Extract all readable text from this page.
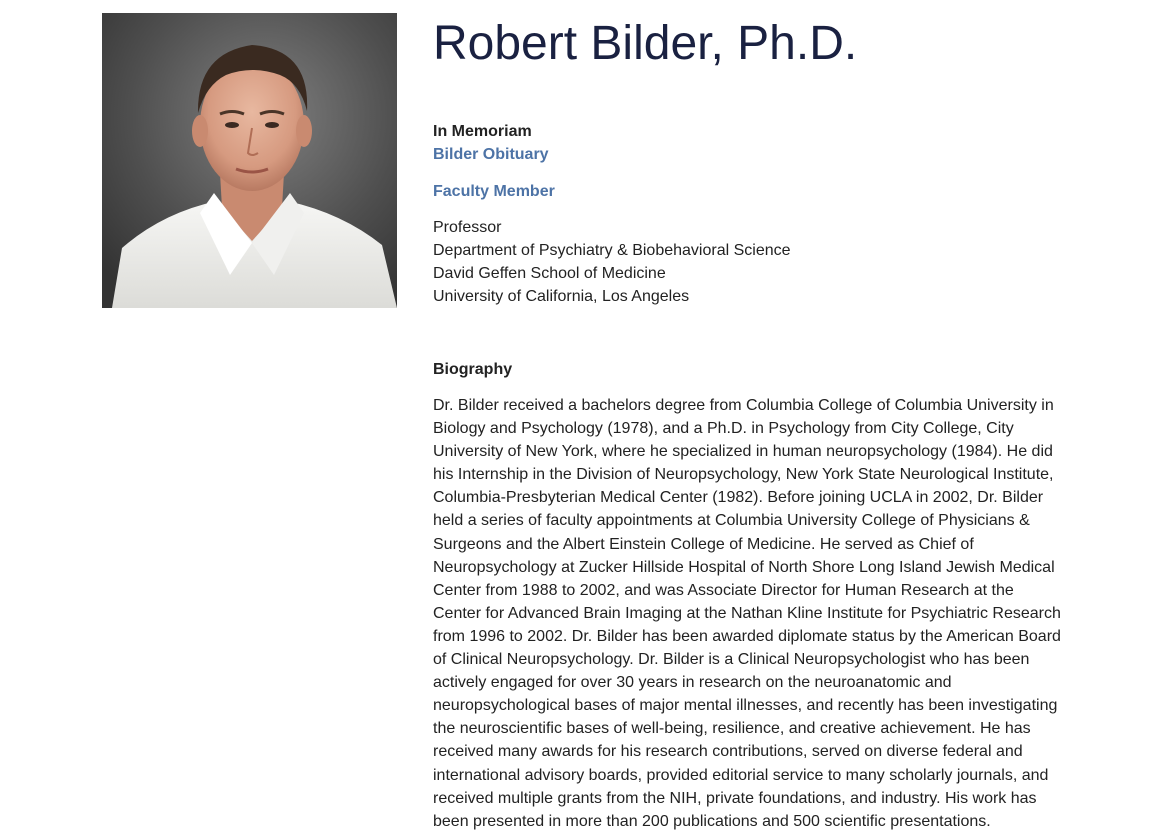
Robert Bilder, Ph.D.
In Memoriam
Bilder Obituary
Faculty Member
Professor
Department of Psychiatry & Biobehavioral Science
David Geffen School of Medicine
University of California, Los Angeles
Biography

Dr. Bilder received a bachelors degree from Columbia College of Columbia University in Biology and Psychology (1978), and a Ph.D. in Psychology from City College, City University of New York, where he specialized in human neuropsychology (1984). He did his Internship in the Division of Neuropsychology, New York State Neurological Institute, Columbia-Presbyterian Medical Center (1982). Before joining UCLA in 2002, Dr. Bilder held a series of faculty appointments at Columbia University College of Physicians & Surgeons and the Albert Einstein College of Medicine. He served as Chief of Neuropsychology at Zucker Hillside Hospital of North Shore Long Island Jewish Medical Center from 1988 to 2002, and was Associate Director for Human Research at the Center for Advanced Brain Imaging at the Nathan Kline Institute for Psychiatric Research from 1996 to 2002. Dr. Bilder has been awarded diplomate status by the American Board of Clinical Neuropsychology. Dr. Bilder is a Clinical Neuropsychologist who has been actively engaged for over 30 years in research on the neuroanatomic and neuropsychological bases of major mental illnesses, and recently has been investigating the neuroscientific bases of well-being, resilience, and creative achievement. He has received many awards for his research contributions, served on diverse federal and international advisory boards, provided editorial service to many scholarly journals, and received multiple grants from the NIH, private foundations, and industry. His work has been presented in more than 200 publications and 500 scientific presentations.
